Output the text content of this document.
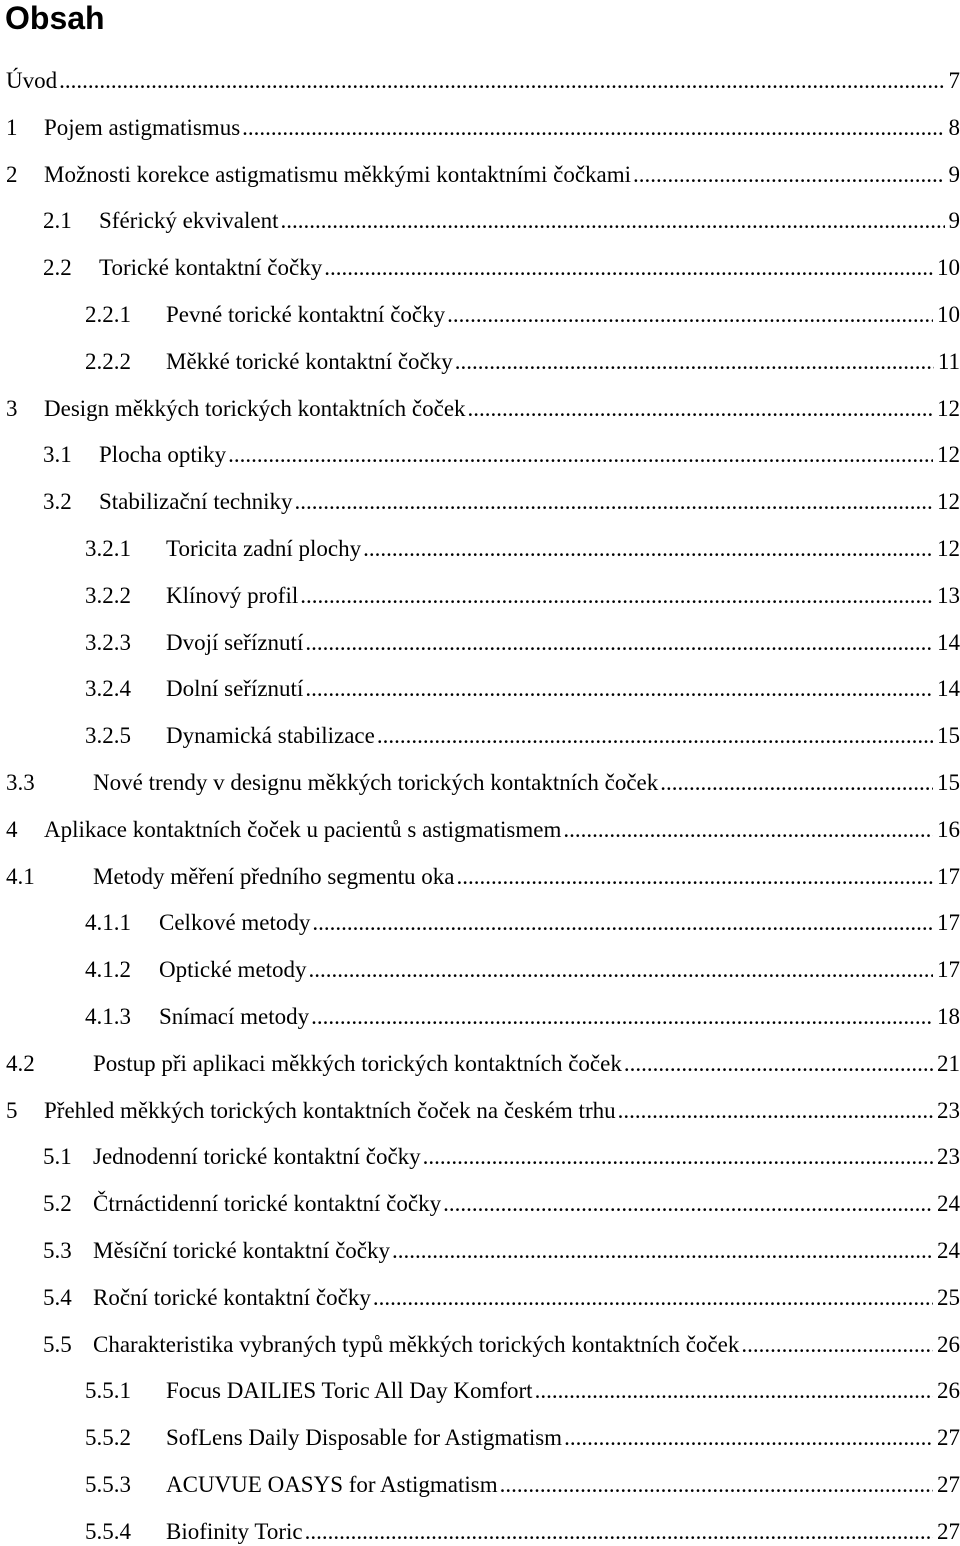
Obsah
Úvod .....	7
1	Pojem astigmatismus .....	8
2	Možnosti korekce astigmatismu měkkými kontaktními čočkami .....	9
2.1	Sférický ekvivalent .....	9
2.2	Torické kontaktní čočky .....	10
2.2.1	Pevné torické kontaktní čočky .....	10
2.2.2	Měkké torické kontaktní čočky .....	11
3	Design měkkých torických kontaktních čoček .....	12
3.1	Plocha optiky .....	12
3.2	Stabilizační techniky .....	12
3.2.1	Toricita zadní plochy .....	12
3.2.2	Klínový profil .....	13
3.2.3	Dvojí seříznutí .....	14
3.2.4	Dolní seříznutí .....	14
3.2.5	Dynamická stabilizace .....	15
3.3	Nové trendy v designu měkkých torických kontaktních čoček .....	15
4	Aplikace kontaktních čoček u pacientů s astigmatismem .....	16
4.1	Metody měření předního segmentu oka .....	17
4.1.1	Celkové metody .....	17
4.1.2	Optické metody .....	17
4.1.3	Snímací metody .....	18
4.2	Postup při aplikaci měkkých torických kontaktních čoček .....	21
5	Přehled měkkých torických kontaktních čoček na českém trhu .....	23
5.1 Jednodenní torické kontaktní čočky .....	23
5.2 Čtrnáctidenní torické kontaktní čočky .....	24
5.3 Měsíční torické kontaktní čočky .....	24
5.4 Roční torické kontaktní čočky .....	25
5.5 Charakteristika vybraných typů měkkých torických kontaktních čoček .....	26
5.5.1	Focus DAILIES Toric All Day Komfort .....	26
5.5.2	SofLens Daily Disposable for Astigmatism .....	27
5.5.3	ACUVUE OASYS for Astigmatism .....	27
5.5.4	Biofinity Toric .....	27
